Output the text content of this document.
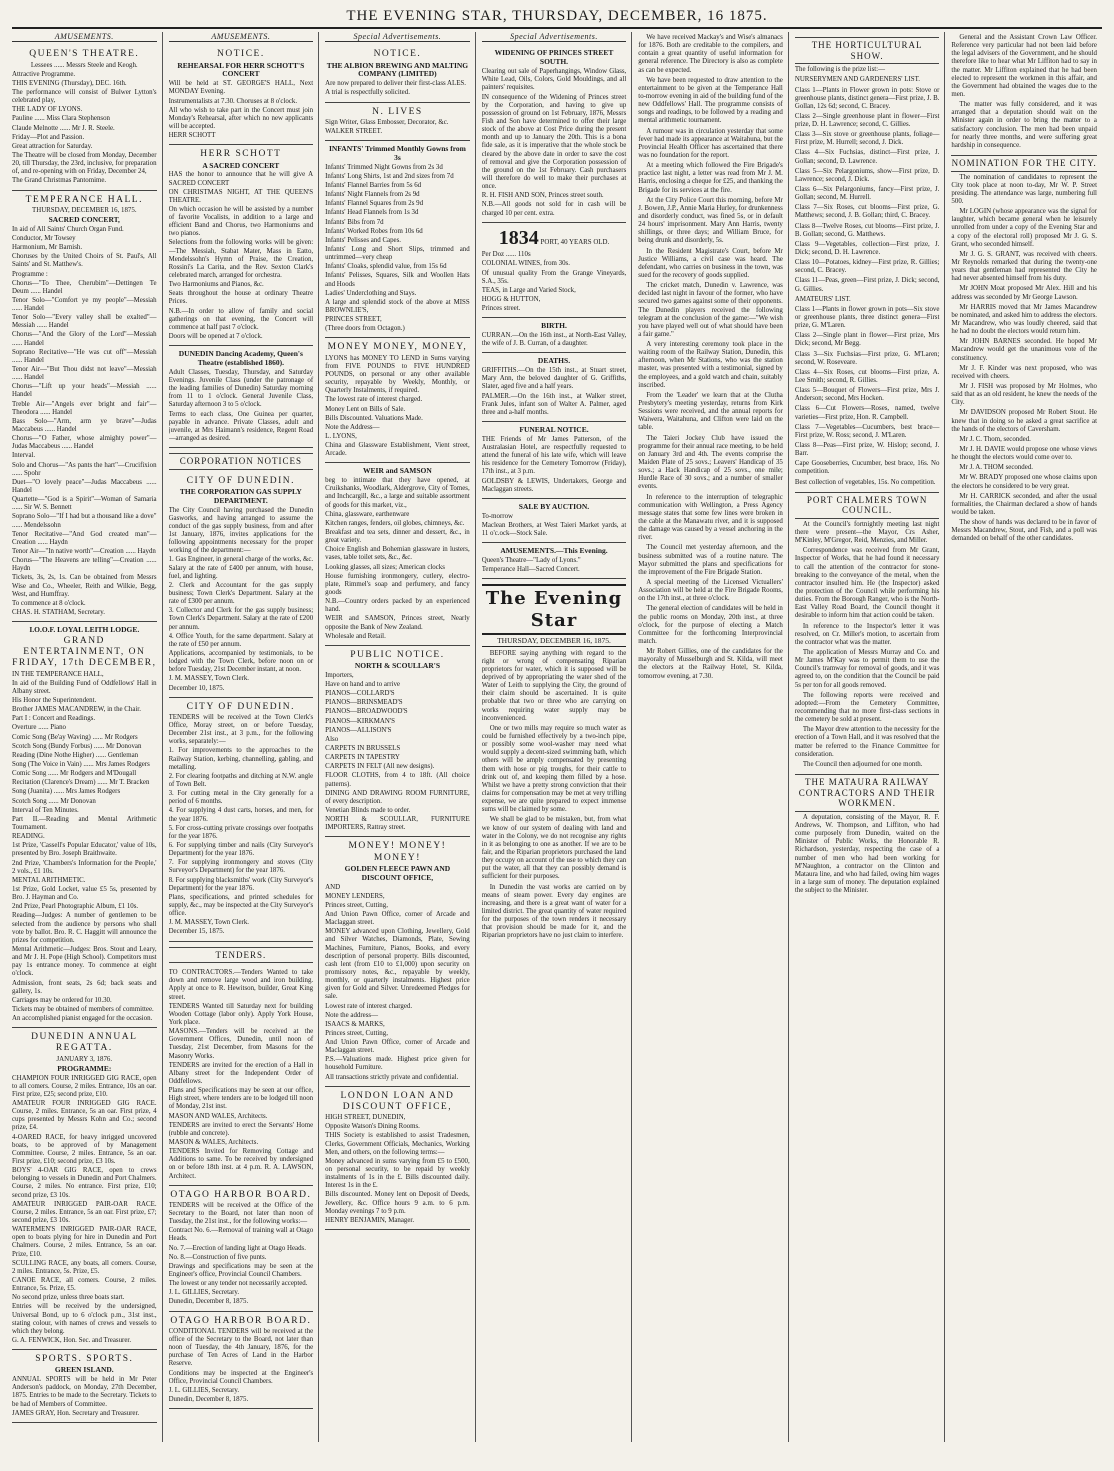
THE EVENING STAR, THURSDAY, DECEMBER, 16 1875.
AMUSEMENTS.
QUEEN'S THEATRE.

Lessees ...... Messrs Steele and Keogh.

Attractive Programme.

THIS EVENING (Thursday), DEC. 16th.

The performance will consist of Bulwer Lytton's celebrated play,

THE LADY OF LYONS.

Pauline ...... Miss Clara Stephenson

Claude Melnotte ...... Mr J. R. Steele.

Friday—Plot and Passion.

Great attraction for Saturday.

The Theatre will be closed from Monday, December 20, till Thursday, the 23rd, inclusive, for preparation of, and re-opening with on Friday, December 24,

The Grand Christmas Pantomime.

TEMPERANCE HALL.

THURSDAY, DECEMBER 16, 1875.

SACRED CONCERT,

In aid of All Saints' Church Organ Fund.

Conductor, Mr Towsey

Harmonium, Mr Barnish.

Choruses by the United Choirs of St. Paul's, All Saints' and St. Matthew's.

Programme :

Chorus—"To Thee, Cherubim"—Dettingen Te Deum ...... Handel

Tenor Solo—"Comfort ye my people"—Messiah ...... Handel

Tenor Solo—"Every valley shall be exalted"—Messiah ...... Handel

Chorus—"And the Glory of the Lord"—Messiah ...... Handel

Soprano Recitative—"He was cut off"—Messiah ...... Handel

Tenor Air—"But Thou didst not leave"—Messiah ...... Handel

Chorus—"Lift up your heads"—Messiah ...... Handel

Treble Air—"Angels ever bright and fair"—Theodora ...... Handel

Bass Solo—"Arm, arm ye brave"—Judas Maccabeus ...... Handel

Chorus—"O Father, whose almighty power"—Judas Maccabeus ...... Handel

Interval.

Solo and Chorus—"As pants the hart"—Crucifixion ...... Spohr

Duet—"O lovely peace"—Judas Maccabeus ...... Handel

Quartette—"God is a Spirit"—Woman of Samaria ...... Sir W. S. Bennett

Soprano Solo—"If I had but a thousand like a dove" ...... Mendelssohn

Tenor Recitative—"And God created man"—Creation ...... Haydn

Tenor Air—"In native worth"—Creation ...... Haydn

Chorus—"The Heavens are telling"—Creation ...... Haydn

Tickets, 3s, 2s, 1s. Can be obtained from Messrs Wise and Co., Wheeler, Reith and Wilkie, Begg, West, and Humffray.

To commence at 8 o'clock.

CHAS. H. STATHAM, Secretary.

I.O.O.F. LOYAL LEITH LODGE.
GRAND ENTERTAINMENT, ON FRIDAY, 17th DECEMBER,

IN THE TEMPERANCE HALL,

In aid of the Building Fund of Oddfellows' Hall in Albany street.

His Honor the Superintendent.

Brother JAMES MACANDREW, in the Chair.

Part I : Concert and Readings.

Overture ...... Piano

Comic Song (Be'ay Waving) ...... Mr Rodgers

Scotch Song (Bundy Forbus) ...... Mr Donovan

Reading (Dine Nothe Higher) ...... Gentleman

Song (The Voice in Vain) ...... Mrs James Rodgers

Comic Song ...... Mr Rodgers and M'Dougall

Recitation (Clarence's Dream) ...... Mr T. Bracken

Song (Juanita) ...... Mrs James Rodgers

Scotch Song ...... Mr Donovan

Interval of Ten Minutes.

Part II.—Reading and Mental Arithmetic Tournament.

READING.

1st Prize, 'Cassell's Popular Educator,' value of 10s, presented by Bro. Joseph Braithwaite.

2nd Prize, 'Chambers's Information for the People,' 2 vols., £1 10s.

MENTAL ARITHMETIC.

1st Prize, Gold Locket, value £5 5s, presented by Bro. J. Hayman and Co.

2nd Prize, Pearl Photographic Album, £1 10s.

Reading—Judges: A number of gentlemen to be selected from the audience by persons who shall vote by ballot. Bro. R. C. Haggitt will announce the prizes for competition.

Mental Arithmetic—Judges: Bros. Stout and Leary, and Mr J. H. Pope (High School). Competitors must pay 1s entrance money. To commence at eight o'clock.

Admission, front seats, 2s 6d; back seats and gallery, 1s.

Carriages may be ordered for 10.30.

Tickets may be obtained of members of committee.

An accomplished pianist engaged for the occasion.

DUNEDIN ANNUAL REGATTA.

JANUARY 3, 1876.

PROGRAMME:

CHAMPION FOUR INRIGGED GIG RACE, open to all comers. Course, 2 miles. Entrance, 10s an oar. First prize, £25; second prize, £10.

AMATEUR FOUR INRIGGED GIG RACE. Course, 2 miles. Entrance, 5s an oar. First prize, 4 cups presented by Messrs Kohn and Co.; second prize, £4.

4-OARED RACE, for heavy inrigged uncovered boats, to be approved of by Management Committee. Course, 2 miles. Entrance, 5s an oar. First prize, £10; second prize, £3 10s.

BOYS' 4-OAR GIG RACE, open to crews belonging to vessels in Dunedin and Port Chalmers. Course, 2 miles. No entrance. First prize, £10; second prize, £3 10s.

AMATEUR INRIGGED PAIR-OAR RACE. Course, 2 miles. Entrance, 5s an oar. First prize, £7; second prize, £3 10s.

WATERMEN'S INRIGGED PAIR-OAR RACE, open to boats plying for hire in Dunedin and Port Chalmers. Course, 2 miles. Entrance, 5s an oar. Prize, £10.

SCULLING RACE, any boats, all comers. Course, 2 miles. Entrance, 5s. Prize, £5.

CANOE RACE, all comers. Course, 2 miles. Entrance, 5s. Prize, £5.

No second prize, unless three boats start.

Entries will be received by the undersigned, Universal Bond, up to 6 o'clock p.m., 31st inst., stating colour, with names of crews and vessels to which they belong.

G. A. FENWICK, Hon. Sec. and Treasurer.

SPORTS. SPORTS.
GREEN ISLAND.

ANNUAL SPORTS will be held in Mr Peter Anderson's paddock, on Monday, 27th December, 1875. Entries to be made to the Secretary. Tickets to be had of Members of Committee.

JAMES GRAY, Hon. Secretary and Treasurer.

AMUSEMENTS.
NOTICE.
REHEARSAL FOR HERR SCHOTT'S CONCERT

Will be held at ST. GEORGE'S HALL, Next MONDAY Evening.

Instrumentalists at 7.30. Choruses at 8 o'clock.

All who wish to take part in the Concert must join Monday's Rehearsal, after which no new applicants will be accepted.

HERR SCHOTT

HERR SCHOTT
A SACRED CONCERT

HAS the honor to announce that he will give A SACRED CONCERT

ON CHRISTMAS NIGHT, AT THE QUEEN'S THEATRE.

On which occasion he will be assisted by a number of favorite Vocalists, in addition to a large and efficient Band and Chorus, two Harmoniums and two pianos.

Selections from the following works will be given:—The Messiah, Stabat Mater, Mass in Eatto, Mendelssohn's Hymn of Praise, the Creation, Rossini's La Carita, and the Rev. Sexton Clark's celebrated march, arranged for orchestra.

Two Harmoniums and Pianos, &c.

Seats throughout the house at ordinary Theatre Prices.

N.B.—In order to allow of family and social gatherings on that evening, the Concert will commence at half past 7 o'clock.

Doors will be opened at 7 o'clock.

DUNEDIN Dancing Academy, Queen's Theatre (established 1860).

Adult Classes, Tuesday, Thursday, and Saturday Evenings. Juvenile Class (under the patronage of the leading families of Dunedin) Saturday morning from 11 to 1 o'clock. General Juvenile Class, Saturday afternoon 3 to 5 o'clock.

Terms to each class, One Guinea per quarter, payable in advance. Private Classes, adult and juvenile, at Mrs Haimann's residence, Regent Road—arranged as desired.

CORPORATION NOTICES
CITY OF DUNEDIN.
THE CORPORATION GAS SUPPLY DEPARTMENT.

The City Council having purchased the Dunedin Gasworks, and having arranged to assume the conduct of the gas supply business, from and after 1st January, 1876, invites applications for the following appointments necessary for the proper working of the department:—

1. Gas Engineer, in general charge of the works, &c. Salary at the rate of £400 per annum, with house, fuel, and lighting.

2. Clerk and Accountant for the gas supply business; Town Clerk's Department. Salary at the rate of £300 per annum.

3. Collector and Clerk for the gas supply business; Town Clerk's Department. Salary at the rate of £200 per annum.

4. Office Youth, for the same department. Salary at the rate of £50 per annum.

Applications, accompanied by testimonials, to be lodged with the Town Clerk, before noon on or before Tuesday, 21st December instant, at noon.

J. M. MASSEY, Town Clerk.

December 10, 1875.

CITY OF DUNEDIN.

TENDERS will be received at the Town Clerk's Office, Moray street, on or before Tuesday, December 21st inst., at 3 p.m., for the following works, separately:—

1. For improvements to the approaches to the Railway Station, kerbing, channelling, gabling, and metalling.

2. For clearing footpaths and ditching at N.W. angle of Town Belt.

3. For cutting metal in the City generally for a period of 6 months.

4. For supplying 4 dust carts, horses, and men, for the year 1876.

5. For cross-cutting private crossings over footpaths for the year 1876.

6. For supplying timber and nails (City Surveyor's Department) for the year 1876.

7. For supplying ironmongery and stoves (City Surveyor's Department) for the year 1876.

8. For supplying blacksmiths' work (City Surveyor's Department) for the year 1876.

Plans, specifications, and printed schedules for supply, &c., may be inspected at the City Surveyor's office.

J. M. MASSEY, Town Clerk.

December 15, 1875.

TENDERS.

TO CONTRACTORS.—Tenders Wanted to take down and remove large wood and iron building. Apply at once to R. Hewitson, builder, Great King street.

TENDERS Wanted till Saturday next for building Wooden Cottage (labor only). Apply York House, York place.

MASONS.—Tenders will be received at the Government Offices, Dunedin, until noon of Tuesday, 21st December, from Masons for the Masonry Works.

TENDERS are invited for the erection of a Hall in Albany street for the Independent Order of Oddfellows.

Plans and Specifications may be seen at our office, High street, where tenders are to be lodged till noon of Monday, 21st inst.

MASON AND WALES, Architects.

TENDERS are invited to erect the Servants' Home (rubble and concrete).

MASON & WALES, Architects.

TENDERS Invited for Removing Cottage and Additions to same. To be received by undersigned on or before 18th inst. at 4 p.m. R. A. LAWSON, Architect.

OTAGO HARBOR BOARD.

TENDERS will be received at the Office of the Secretary to the Board, not later than noon of Tuesday, the 21st inst., for the following works:—

Contract No. 6.—Removal of training wall at Otago Heads.

No. 7.—Erection of landing light at Otago Heads.

No. 8.—Construction of five punts.

Drawings and specifications may be seen at the Engineer's office, Provincial Council Chambers.

The lowest or any tender not necessarily accepted.

J. L. GILLIES, Secretary.

Dunedin, December 8, 1875.

OTAGO HARBOR BOARD.

CONDITIONAL TENDERS will be received at the office of the Secretary to the Board, not later than noon of Tuesday, the 4th January, 1876, for the purchase of Ten Acres of Land in the Harbor Reserve.

Conditions may be inspected at the Engineer's Office, Provincial Council Chambers.

J. L. GILLIES, Secretary.

Dunedin, December 8, 1875.

Special Advertisements.
NOTICE.
THE ALBION BREWING AND MALTING COMPANY (LIMITED)

Are now prepared to deliver their first-class ALES.

A trial is respectfully solicited.

N. LIVES

Sign Writer, Glass Embosser, Decorator, &c.

WALKER STREET.

INFANTS' Trimmed Monthly Gowns from 3s

Infants' Trimmed Night Gowns from 2s 3d

Infants' Long Shirts, 1st and 2nd sizes from 7d

Infants' Flannel Barries from 5s 6d

Infants' Night Flannels from 2s 9d

Infants' Flannel Squares from 2s 9d

Infants' Head Flannels from 1s 3d

Infants' Bibs from 7d

Infants' Worked Robes from 10s 6d

Infants' Pelisses and Capes.

Infants' Long and Short Slips, trimmed and untrimmed—very cheap

Infants' Cloaks, splendid value, from 15s 6d

Infants' Pelisses, Squares, Silk and Woollen Hats and Hoods

Ladies' Underclothing and Stays.

A large and splendid stock of the above at MISS BROWNLIE'S,

PRINCES STREET,

(Three doors from Octagon.)

MONEY MONEY, MONEY,

LYONS has MONEY TO LEND in Sums varying from FIVE POUNDS to FIVE HUNDRED POUNDS, on personal or any other available security, repayable by Weekly, Monthly, or Quarterly Instalments, if required.

The lowest rate of interest charged.

Money Lent on Bills of Sale.

Bills Discounted. Valuations Made.

Note the Address—

L. LYONS,

China and Glassware Establishment, Vient street, Arcade.

WEIR and SAMSON

beg to intimate that they have opened, at Cruikshanks, Woodlark, Aldergrove, City of Tomes, and Inchcargill, &c., a large and suitable assortment of goods for this market, viz.,

China, glassware, earthenware

Kitchen ranges, fenders, oil globes, chimneys, &c.

Breakfast and tea sets, dinner and dessert, &c., in great variety.

Choice English and Bohemian glassware in lusters, vases, table toilet sets, &c., &c.

Looking glasses, all sizes; American clocks

House furnishing ironmongery, cutlery, electro-plate, Rimmel's soap and perfumery, and fancy goods

N.B.—Country orders packed by an experienced hand.

WEIR and SAMSON, Princes street, Nearly opposite the Bank of New Zealand.

Wholesale and Retail.

PUBLIC NOTICE.
NORTH & SCOULLAR'S

Importers,

Have on hand and to arrive

PIANOS—COLLARD'S

PIANOS—BRINSMEAD'S

PIANOS—BROADWOOD'S

PIANOS—KIRKMAN'S

PIANOS—ALLISON'S

Also

CARPETS IN BRUSSELS

CARPETS IN TAPESTRY

CARPETS IN FELT (All new designs).

FLOOR CLOTHS, from 4 to 18ft. (All choice patterns).

DINING AND DRAWING ROOM FURNITURE, of every description.

Venetian Blinds made to order.

NORTH & SCOULLAR, FURNITURE IMPORTERS, Rattray street.

MONEY! MONEY! MONEY!
GOLDEN FLEECE PAWN AND DISCOUNT OFFICE,

AND

MONEY LENDERS,

Princes street, Cutting,

And Union Pawn Office, corner of Arcade and Maclaggan street.

MONEY advanced upon Clothing, Jewellery, Gold and Silver Watches, Diamonds, Plate, Sewing Machines, Furniture, Pianos, Books, and every description of personal property. Bills discounted, cash lent (from £10 to £1,000) upon security on promissory notes, &c., repayable by weekly, monthly, or quarterly instalments. Highest price given for Gold and Silver. Unredeemed Pledges for sale.

Lowest rate of interest charged.

Note the address—

ISAACS & MARKS,

Princes street, Cutting,

And Union Pawn Office, corner of Arcade and Maclaggan street.

P.S.—Valuations made. Highest price given for household Furniture.

All transactions strictly private and confidential.

LONDON LOAN AND DISCOUNT OFFICE,

HIGH STREET, DUNEDIN,

Opposite Watson's Dining Rooms.

THIS Society is established to assist Tradesmen, Clerks, Government Officials, Mechanics, Working Men, and others, on the following terms:—

Money advanced in sums varying from £5 to £500, on personal security, to be repaid by weekly instalments of 1s in the £. Bills discounted daily. Interest 1s in the £.

Bills discounted. Money lent on Deposit of Deeds, Jewellery, &c. Office hours 9 a.m. to 6 p.m. Monday evenings 7 to 9 p.m.

HENRY BENJAMIN, Manager.

Special Advertisements.
WIDENING OF PRINCES STREET SOUTH.

Clearing out sale of Paperhangings, Window Glass, White Lead, Oils, Colors, Gold Mouldings, and all painters' requisites.

IN consequence of the Widening of Princes street by the Corporation, and having to give up possession of ground on 1st February, 1876, Messrs Fish and Son have determined to offer their large stock of the above at Cost Price during the present month and up to January the 20th. This is a bona fide sale, as it is imperative that the whole stock be cleared by the above date in order to save the cost of removal and give the Corporation possession of the ground on the 1st February. Cash purchasers will therefore do well to make their purchases at once.

R. H. FISH AND SON, Princes street south.

N.B.—All goods not sold for in cash will be charged 10 per cent. extra.

1834 PORT, 40 YEARS OLD.

Per Doz ...... 110s

COLONIAL WINES, from 30s.

Of unusual quality From the Grange Vineyards, S.A., 35s.

TEAS, in Large and Varied Stock,

HOGG & HUTTON,

Princes street.

BIRTH.

CURRAN.—On the 16th inst., at North-East Valley, the wife of J. B. Curran, of a daughter.

DEATHS.

GRIFFITHS.—On the 15th inst., at Stuart street, Mary Ann, the beloved daughter of G. Griffiths, Slater, aged five and a half years.

PALMER.—On the 16th inst., at Walker street, Frank Jules, infant son of Walter A. Palmer, aged three and a-half months.

FUNERAL NOTICE.

THE Friends of Mr James Patterson, of the Australasian Hotel, are respectfully requested to attend the funeral of his late wife, which will leave his residence for the Cemetery Tomorrow (Friday), 17th inst., at 3 p.m.

GOLDSBY & LEWIS, Undertakers, George and Maclaggan streets.

SALE BY AUCTION.

To-morrow

Maclean Brothers, at West Taieri Market yards, at 11 o'c.ock—Stock Sale.

AMUSEMENTS.—This Evening.

Queen's Theatre—"Lady of Lyons."

Temperance Hall—Sacred Concert.

The Evening Star
THURSDAY, DECEMBER 16, 1875.

BEFORE saying anything with regard to the right or wrong of compensating Riparian proprietors for water, which it is supposed will be deprived of by appropriating the water shed of the Water of Leith to supplying the City, the ground of their claim should be ascertained. It is quite probable that two or three who are carrying on works requiring water supply may be inconvenienced.

One or two mills may require so much water as could be furnished effectively by a two-inch pipe, or possibly some wool-washer may need what would supply a decent-sized swimming bath, which others will be amply compensated by presenting them with hose or pig troughs, for their cattle to drink out of, and keeping them filled by a hose. Whilst we have a pretty strong conviction that their claims for compensation may be met at very trifling expense, we are quite prepared to expect immense sums will be claimed by some.

We shall be glad to be mistaken, but, from what we know of our system of dealing with land and water in the Colony, we do not recognise any rights in it as belonging to one as another. If we are to be fair, and the Riparian proprietors purchased the land they occupy on account of the use to which they can put the water, all that they can possibly demand is sufficient for their purposes.

In Dunedin the vast works are carried on by means of steam power. Every day engines are increasing, and there is a great want of water for a limited district. The great quantity of water required for the purposes of the town renders it necessary that provision should be made for it, and the Riparian proprietors have no just claim to interfere.

We have received Mackay's and Wise's almanacs for 1876. Both are creditable to the compilers, and contain a great quantity of useful information for general reference. The Directory is also as complete as can be expected.

We have been requested to draw attention to the entertainment to be given at the Temperance Hall to-morrow evening in aid of the building fund of the new Oddfellows' Hall. The programme consists of songs and readings, to be followed by a reading and mental arithmetic tournament.

A rumour was in circulation yesterday that some fever had made its appearance at Waitahuna, but the Provincial Health Officer has ascertained that there was no foundation for the report.

At a meeting which followed the Fire Brigade's practice last night, a letter was read from Mr J. M. Harris, enclosing a cheque for £25, and thanking the Brigade for its services at the fire.

At the City Police Court this morning, before Mr J. Bowen, J.P., Annie Maria Hurley, for drunkenness and disorderly conduct, was fined 5s, or in default 24 hours' imprisonment. Mary Ann Harris, twenty shillings, or three days; and William Bruce, for being drunk and disorderly, 5s.

In the Resident Magistrate's Court, before Mr Justice Williams, a civil case was heard. The defendant, who carries on business in the town, was sued for the recovery of goods supplied.

The cricket match, Dunedin v. Lawrence, was decided last night in favour of the former, who have secured two games against some of their opponents. The Dunedin players received the following telegram at the conclusion of the game:—"We wish you have played well out of what should have been a fair game."

A very interesting ceremony took place in the waiting room of the Railway Station, Dunedin, this afternoon, when Mr Stations, who was the station master, was presented with a testimonial, signed by the employees, and a gold watch and chain, suitably inscribed.

From the 'Leader' we learn that at the Clutha Presbytery's meeting yesterday, returns from Kirk Sessions were received, and the annual reports for Waiwera, Waitahuna, and Clifton were laid on the table.

The Taieri Jockey Club have issued the programme for their annual race meeting, to be held on January 3rd and 4th. The events comprise the Maiden Plate of 25 sovs.; Leavers' Handicap of 35 sovs.; a Hack Handicap of 25 sovs., one mile; Hurdle Race of 30 sovs.; and a number of smaller events.

In reference to the interruption of telegraphic communication with Wellington, a Press Agency message states that some few lines were broken in the cable at the Manawatu river, and it is supposed the damage was caused by a vessel anchoring in the river.

The Council met yesterday afternoon, and the business submitted was of a routine nature. The Mayor submitted the plans and specifications for the improvement of the Fire Brigade Station.

A special meeting of the Licensed Victuallers' Association will be held at the Fire Brigade Rooms, on the 17th inst., at three o'clock.

The general election of candidates will be held in the public rooms on Monday, 20th inst., at three o'clock, for the purpose of electing a Match Committee for the forthcoming Interprovincial match.

Mr Robert Gillies, one of the candidates for the mayoralty of Musselburgh and St. Kilda, will meet the electors at the Railway Hotel, St. Kilda, tomorrow evening, at 7.30.

THE HORTICULTURAL SHOW.

The following is the prize list:—

NURSERYMEN AND GARDENERS' LIST.

Class 1—Plants in Flower grown in pots: Stove or greenhouse plants, distinct genera—First prize, J. B. Gollan, 12s 6d; second, C. Bracey.

Class 2—Single greenhouse plant in flower—First prize, D. H. Lawrence; second, C. Gillies.

Class 3—Six stove or greenhouse plants, foliage—First prize, M. Hurrell; second, J. Dick.

Class 4—Six Fuchsias, distinct—First prize, J. Gollan; second, D. Lawrence.

Class 5—Six Pelargoniums, show—First prize, D. Lawrence; second, J. Dick.

Class 6—Six Pelargoniums, fancy—First prize, J. Gollan; second, M. Hurrell.

Class 7—Six Roses, cut blooms—First prize, G. Matthews; second, J. B. Gollan; third, C. Bracey.

Class 8—Twelve Roses, cut blooms—First prize, J. B. Gollan; second, G. Matthews.

Class 9—Vegetables, collection—First prize, J. Dick; second, D. H. Lawrence.

Class 10—Potatoes, kidney—First prize, R. Gillies; second, C. Bracey.

Class 11—Peas, green—First prize, J. Dick; second, G. Gillies.

AMATEURS' LIST.

Class 1—Plants in flower grown in pots—Six stove or greenhouse plants, three distinct genera—First prize, G. M'Laren.

Class 2—Single plant in flower—First prize, Mrs Dick; second, Mr Begg.

Class 3—Six Fuchsias—First prize, G. M'Laren; second, W. Roseveare.

Class 4—Six Roses, cut blooms—First prize, A. Lee Smith; second, R. Gillies.

Class 5—Bouquet of Flowers—First prize, Mrs J. Anderson; second, Mrs Hocken.

Class 6—Cut Flowers—Roses, named, twelve varieties—First prize, Hon. R. Campbell.

Class 7—Vegetables—Cucumbers, best brace—First prize, W. Ross; second, J. M'Laren.

Class 8—Peas—First prize, W. Hislop; second, J. Barr.

Cape Gooseberries, Cucumber, best brace, 16s. No competition.

Best collection of vegetables, 15s. No competition.

PORT CHALMERS TOWN COUNCIL.

At the Council's fortnightly meeting last night there were present—the Mayor, Crs Asher, M'Kinley, M'Gregor, Reid, Menzies, and Miller.

Correspondence was received from Mr Grant, Inspector of Works, that he had found it necessary to call the attention of the contractor for stone-breaking to the conveyance of the metal, when the contractor insulted him. He (the Inspector) asked the protection of the Council while performing his duties. From the Borough Ranger, who is the North-East Valley Road Board, the Council thought it desirable to inform him that action could be taken.

In reference to the Inspector's letter it was resolved, on Cr. Miller's motion, to ascertain from the contractor what was the matter.

The application of Messrs Murray and Co. and Mr James M'Kay was to permit them to use the Council's tramway for removal of goods, and it was agreed to, on the condition that the Council be paid 5s per ton for all goods removed.

The following reports were received and adopted:—From the Cemetery Committee, recommending that no more first-class sections in the cemetery be sold at present.

The Mayor drew attention to the necessity for the erection of a Town Hall, and it was resolved that the matter be referred to the Finance Committee for consideration.

The Council then adjourned for one month.

THE MATAURA RAILWAY CONTRACTORS AND THEIR WORKMEN.

A deputation, consisting of the Mayor, R. F. Andrews, W. Thompson, and Liffiton, who had come purposely from Dunedin, waited on the Minister of Public Works, the Honorable R. Richardson, yesterday, respecting the case of a number of men who had been working for M'Naughton, a contractor on the Clinton and Mataura line, and who had failed, owing him wages in a large sum of money. The deputation explained the subject to the Minister.

General and the Assistant Crown Law Officer. Reference very particular had not been laid before the legal advisers of the Government, and he should therefore like to hear what Mr Liffiton had to say in the matter. Mr Liffiton explained that he had been elected to represent the workmen in this affair, and the Government had obtained the wages due to the men.

The matter was fully considered, and it was arranged that a deputation should wait on the Minister again in order to bring the matter to a satisfactory conclusion. The men had been unpaid for nearly three months, and were suffering great hardship in consequence.

NOMINATION FOR THE CITY.

The nomination of candidates to represent the City took place at noon to-day, Mr W. P. Street presiding. The attendance was large, numbering full 500.

Mr LOGIN (whose appearance was the signal for laughter, which became general when he leisurely unrolled from under a copy of the Evening Star and a copy of the electoral roll) proposed Mr J. G. S. Grant, who seconded himself.

Mr J. G. S. GRANT, was received with cheers. Mr Reynolds remarked that during the twenty-one years that gentleman had represented the City he had never absented himself from his duty.

Mr JOHN Moat proposed Mr Alex. Hill and his address was seconded by Mr George Lawson.

Mr HARRIS moved that Mr James Macandrew be nominated, and asked him to address the electors. Mr Macandrew, who was loudly cheered, said that he had no doubt the electors would return him.

Mr JOHN BARNES seconded. He hoped Mr Macandrew would get the unanimous vote of the constituency.

Mr J. F. Kinder was next proposed, who was received with cheers.

Mr J. FISH was proposed by Mr Holmes, who said that as an old resident, he knew the needs of the City.

Mr DAVIDSON proposed Mr Robert Stout. He knew that in doing so he asked a great sacrifice at the hands of the electors of Caversham.

Mr J. C. Thom, seconded.

Mr J. H. DAVIE would propose one whose views he thought the electors would come over to.

Mr J. A. THOM seconded.

Mr W. BRADY proposed one whose claims upon the electors he considered to be very great.

Mr H. CARRICK seconded, and after the usual formalities, the Chairman declared a show of hands would be taken.

The show of hands was declared to be in favor of Messrs Macandrew, Stout, and Fish, and a poll was demanded on behalf of the other candidates.
